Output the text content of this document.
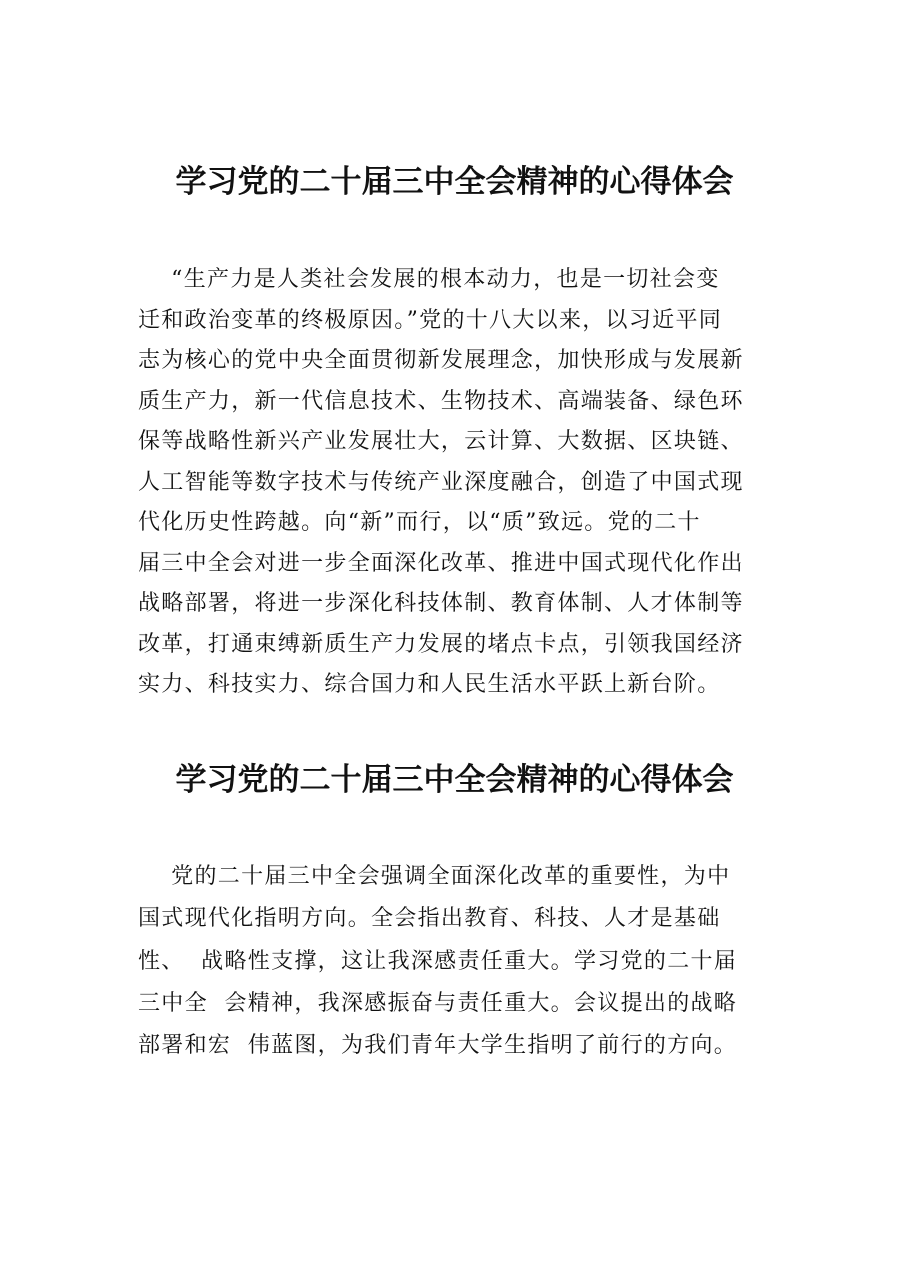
学习党的二十届三中全会精神的心得体会
“生产力是人类社会发展的根本动力，也是一切社会变
迁和政治变革的终极原因。”党的十八大以来，以习近平同
志为核心的党中央全面贯彻新发展理念，加快形成与发展新
质生产力，新一代信息技术、生物技术、高端装备、绿色环
保等战略性新兴产业发展壮大，云计算、大数据、区块链、
人工智能等数字技术与传统产业深度融合，创造了中国式现
代化历史性跨越。向“新”而行，以“质”致远。党的二十
届三中全会对进一步全面深化改革、推进中国式现代化作出
战略部署，将进一步深化科技体制、教育体制、人才体制等
改革，打通束缚新质生产力发展的堵点卡点，引领我国经济
实力、科技实力、综合国力和人民生活水平跃上新台阶。
学习党的二十届三中全会精神的心得体会
党的二十届三中全会强调全面深化改革的重要性，为中
国式现代化指明方向。全会指出教育、科技、人才是基础
性、  战略性支撑，这让我深感责任重大。学习党的二十届
三中全  会精神，我深感振奋与责任重大。会议提出的战略
部署和宏  伟蓝图，为我们青年大学生指明了前行的方向。
